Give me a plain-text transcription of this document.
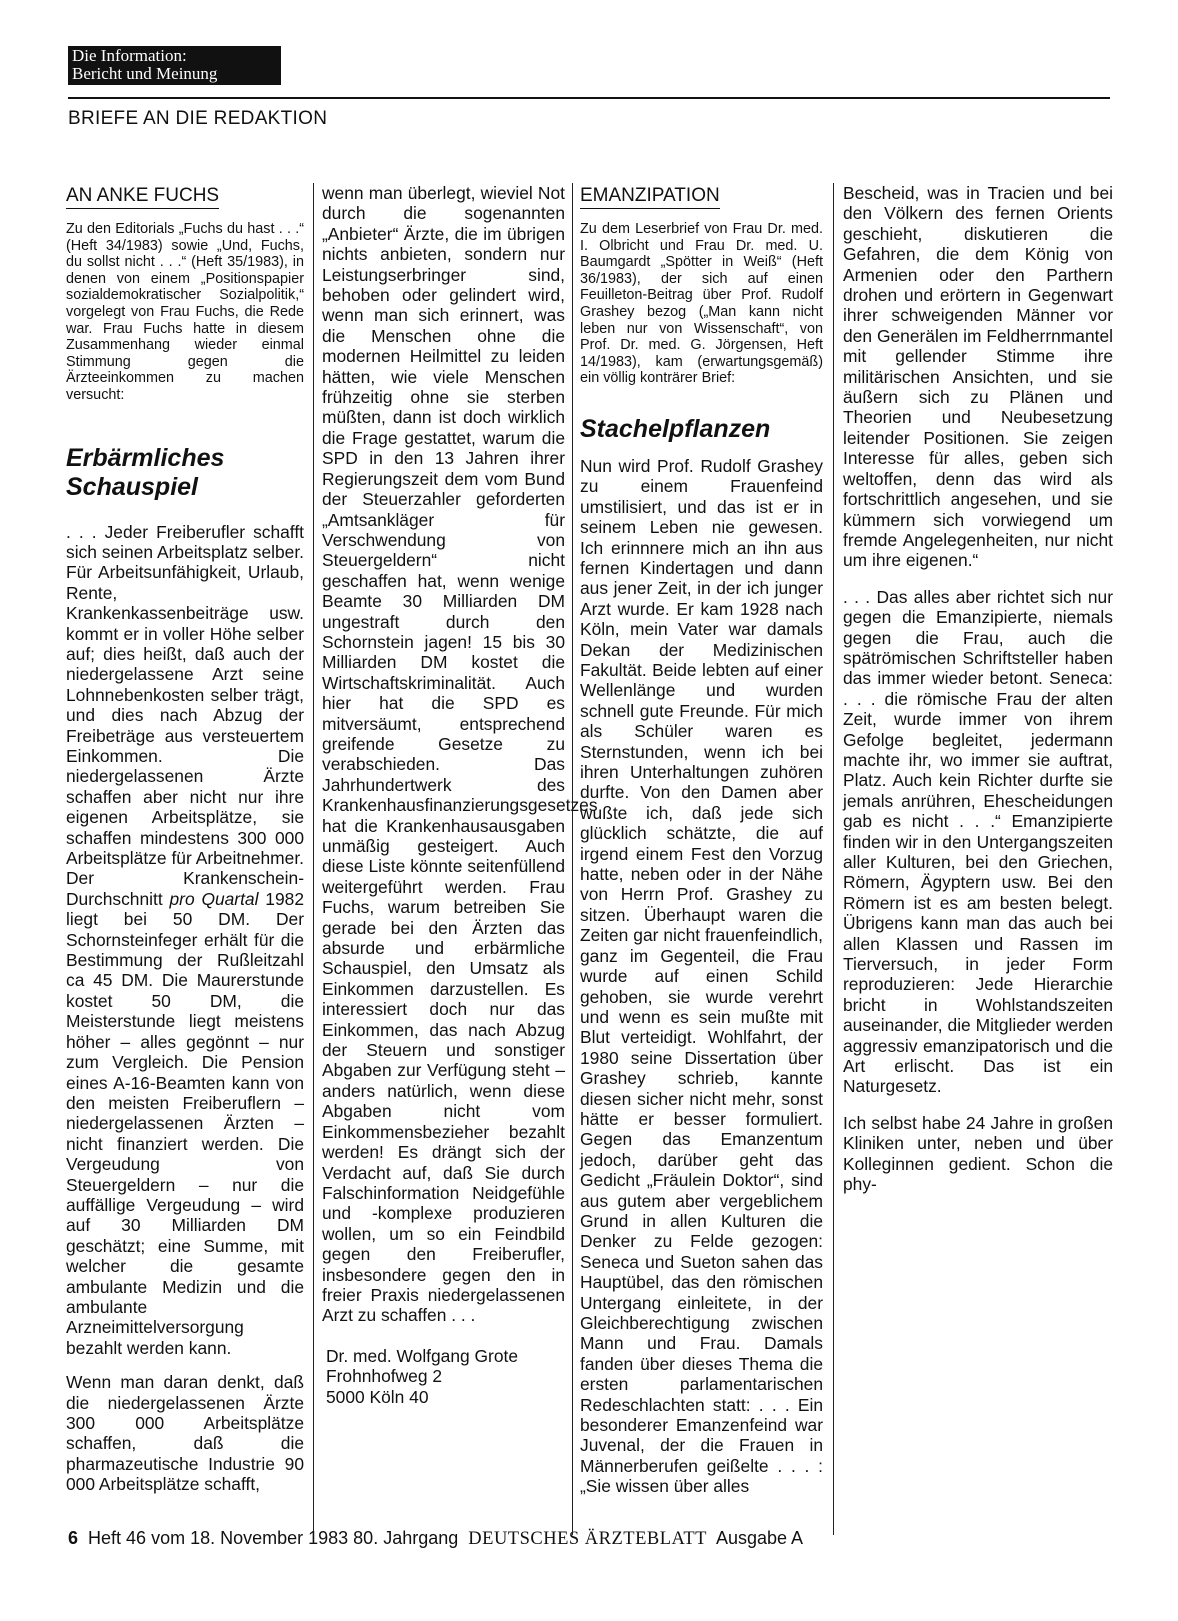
Die Information:
Bericht und Meinung
BRIEFE AN DIE REDAKTION
AN ANKE FUCHS

Zu den Editorials „Fuchs du hast . . .“ (Heft 34/1983) sowie „Und, Fuchs, du sollst nicht . . .“ (Heft 35/1983), in denen von einem „Positionspapier sozialdemokratischer Sozialpolitik,“ vorgelegt von Frau Fuchs, die Rede war. Frau Fuchs hatte in diesem Zusammenhang wieder einmal Stimmung gegen die Ärzteeinkommen zu machen versucht:

Erbärmliches Schauspiel

. . . Jeder Freiberufler schafft sich seinen Arbeitsplatz selber. Für Arbeitsunfähigkeit, Urlaub, Rente, Krankenkassenbeiträge usw. kommt er in voller Höhe selber auf; dies heißt, daß auch der niedergelassene Arzt seine Lohnnebenkosten selber trägt, und dies nach Abzug der Freibeträge aus versteuertem Einkommen. Die niedergelassenen Ärzte schaffen aber nicht nur ihre eigenen Arbeitsplätze, sie schaffen mindestens 300 000 Arbeitsplätze für Arbeitnehmer. Der Krankenschein-Durchschnitt pro Quartal 1982 liegt bei 50 DM. Der Schornsteinfeger erhält für die Bestimmung der Rußleitzahl ca 45 DM. Die Maurerstunde kostet 50 DM, die Meisterstunde liegt meistens höher – alles gegönnt – nur zum Vergleich. Die Pension eines A-16-Beamten kann von den meisten Freiberuflern – niedergelassenen Ärzten – nicht finanziert werden. Die Vergeudung von Steuergeldern – nur die auffällige Vergeudung – wird auf 30 Milliarden DM geschätzt; eine Summe, mit welcher die gesamte ambulante Medizin und die ambulante Arzneimittelversorgung bezahlt werden kann.

Wenn man daran denkt, daß die niedergelassenen Ärzte 300 000 Arbeitsplätze schaffen, daß die pharmazeutische Industrie 90 000 Arbeitsplätze schafft,

wenn man überlegt, wieviel Not durch die sogenannten „Anbieter“ Ärzte, die im übrigen nichts anbieten, sondern nur Leistungserbringer sind, behoben oder gelindert wird, wenn man sich erinnert, was die Menschen ohne die modernen Heilmittel zu leiden hätten, wie viele Menschen frühzeitig ohne sie sterben müßten, dann ist doch wirklich die Frage gestattet, warum die SPD in den 13 Jahren ihrer Regierungszeit dem vom Bund der Steuerzahler geforderten „Amtsankläger für Verschwendung von Steuergeldern“ nicht geschaffen hat, wenn wenige Beamte 30 Milliarden DM ungestraft durch den Schornstein jagen! 15 bis 30 Milliarden DM kostet die Wirtschaftskriminalität. Auch hier hat die SPD es mitversäumt, entsprechend greifende Gesetze zu verabschieden. Das Jahrhundertwerk des Krankenhausfinanzierungsgesetzes hat die Krankenhausausgaben unmäßig gesteigert. Auch diese Liste könnte seitenfüllend weitergeführt werden. Frau Fuchs, warum betreiben Sie gerade bei den Ärzten das absurde und erbärmliche Schauspiel, den Umsatz als Einkommen darzustellen. Es interessiert doch nur das Einkommen, das nach Abzug der Steuern und sonstiger Abgaben zur Verfügung steht – anders natürlich, wenn diese Abgaben nicht vom Einkommensbezieher bezahlt werden! Es drängt sich der Verdacht auf, daß Sie durch Falschinformation Neidgefühle und -komplexe produzieren wollen, um so ein Feindbild gegen den Freiberufler, insbesondere gegen den in freier Praxis niedergelassenen Arzt zu schaffen . . .

Dr. med. Wolfgang Grote

Frohnhofweg 2

5000 Köln 40

EMANZIPATION

Zu dem Leserbrief von Frau Dr. med. I. Olbricht und Frau Dr. med. U. Baumgardt „Spötter in Weiß“ (Heft 36/1983), der sich auf einen Feuilleton-Beitrag über Prof. Rudolf Grashey bezog („Man kann nicht leben nur von Wissenschaft“, von Prof. Dr. med. G. Jörgensen, Heft 14/1983), kam (erwartungsgemäß) ein völlig konträrer Brief:

Stachelpflanzen

Nun wird Prof. Rudolf Grashey zu einem Frauenfeind umstilisiert, und das ist er in seinem Leben nie gewesen. Ich erinnnere mich an ihn aus fernen Kindertagen und dann aus jener Zeit, in der ich junger Arzt wurde. Er kam 1928 nach Köln, mein Vater war damals Dekan der Medizinischen Fakultät. Beide lebten auf einer Wellenlänge und wurden schnell gute Freunde. Für mich als Schüler waren es Sternstunden, wenn ich bei ihren Unterhaltungen zuhören durfte. Von den Damen aber wußte ich, daß jede sich glücklich schätzte, die auf irgend einem Fest den Vorzug hatte, neben oder in der Nähe von Herrn Prof. Grashey zu sitzen. Überhaupt waren die Zeiten gar nicht frauenfeindlich, ganz im Gegenteil, die Frau wurde auf einen Schild gehoben, sie wurde verehrt und wenn es sein mußte mit Blut verteidigt. Wohlfahrt, der 1980 seine Dissertation über Grashey schrieb, kannte diesen sicher nicht mehr, sonst hätte er besser formuliert. Gegen das Emanzentum jedoch, darüber geht das Gedicht „Fräulein Doktor“, sind aus gutem aber vergeblichem Grund in allen Kulturen die Denker zu Felde gezogen: Seneca und Sueton sahen das Hauptübel, das den römischen Untergang einleitete, in der Gleichberechtigung zwischen Mann und Frau. Damals fanden über dieses Thema die ersten parlamentarischen Redeschlachten statt: . . . Ein besonderer Emanzenfeind war Juvenal, der die Frauen in Männerberufen geißelte . . . : „Sie wissen über alles

Bescheid, was in Tracien und bei den Völkern des fernen Orients geschieht, diskutieren die Gefahren, die dem König von Armenien oder den Parthern drohen und erörtern in Gegenwart ihrer schweigenden Männer vor den Generälen im Feldherrnmantel mit gellender Stimme ihre militärischen Ansichten, und sie äußern sich zu Plänen und Theorien und Neubesetzung leitender Positionen. Sie zeigen Interesse für alles, geben sich weltoffen, denn das wird als fortschrittlich angesehen, und sie kümmern sich vorwiegend um fremde Angelegenheiten, nur nicht um ihre eigenen.“

. . . Das alles aber richtet sich nur gegen die Emanzipierte, niemals gegen die Frau, auch die spätrömischen Schriftsteller haben das immer wieder betont. Seneca: . . . die römische Frau der alten Zeit, wurde immer von ihrem Gefolge begleitet, jedermann machte ihr, wo immer sie auftrat, Platz. Auch kein Richter durfte sie jemals anrühren, Ehescheidungen gab es nicht . . .“ Emanzipierte finden wir in den Untergangszeiten aller Kulturen, bei den Griechen, Römern, Ägyptern usw. Bei den Römern ist es am besten belegt. Übrigens kann man das auch bei allen Klassen und Rassen im Tierversuch, in jeder Form reproduzieren: Jede Hierarchie bricht in Wohlstandszeiten auseinander, die Mitglieder werden aggressiv emanzipatorisch und die Art erlischt. Das ist ein Naturgesetz.

Ich selbst habe 24 Jahre in großen Kliniken unter, neben und über Kolleginnen gedient. Schon die phy-

6 Heft 46 vom 18. November 1983 80. Jahrgang DEUTSCHES ÄRZTEBLATT Ausgabe A
